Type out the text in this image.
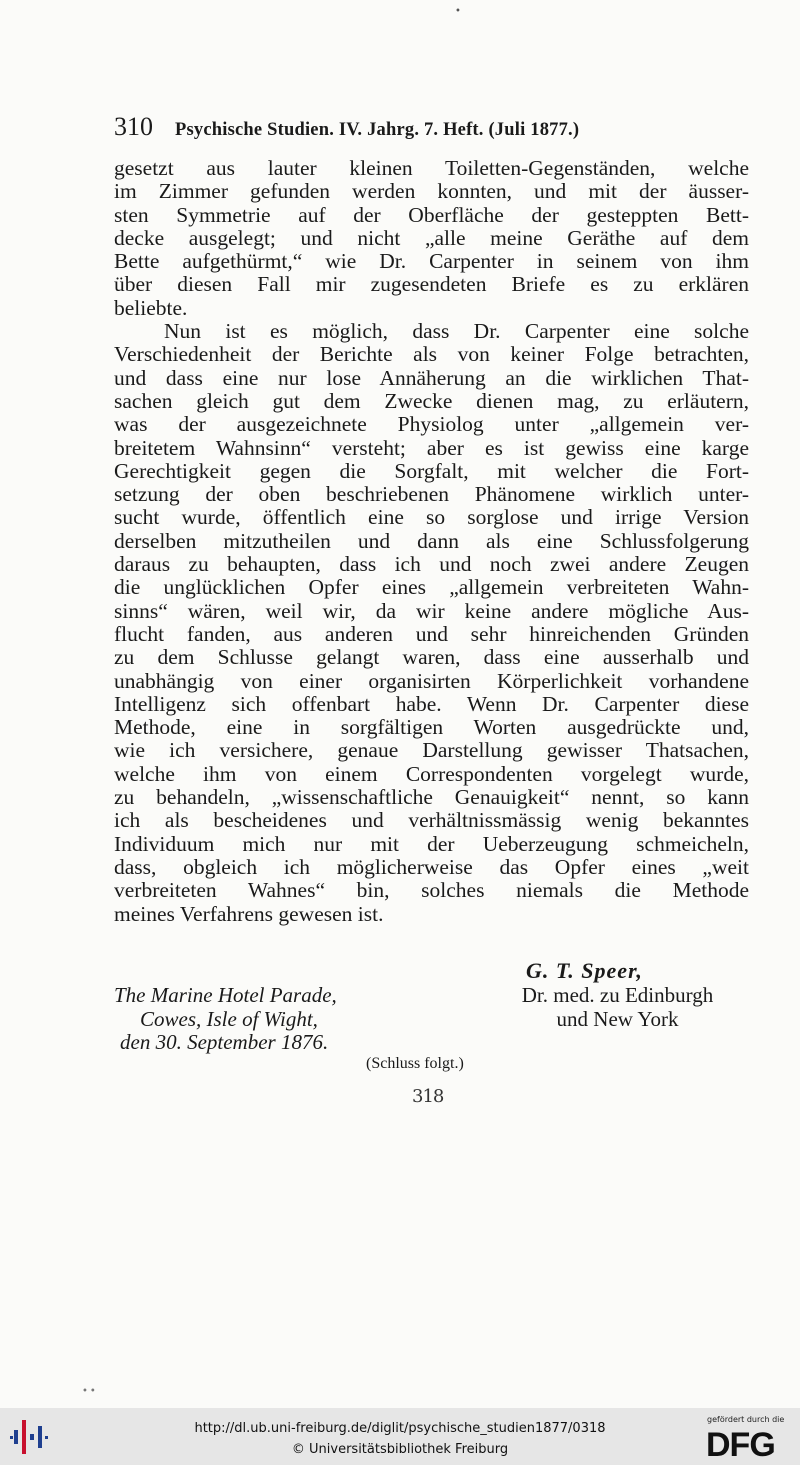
•
310 Psychische Studien. IV. Jahrg. 7. Heft. (Juli 1877.)
gesetzt aus lauter kleinen Toiletten-Gegenständen, welche
im Zimmer gefunden werden konnten, und mit der äusser-
sten Symmetrie auf der Oberfläche der gesteppten Bett-
decke ausgelegt; und nicht „alle meine Geräthe auf dem
Bette aufgethürmt,“ wie Dr. Carpenter in seinem von ihm
über diesen Fall mir zugesendeten Briefe es zu erklären
beliebte.
Nun ist es möglich, dass Dr. Carpenter eine solche
Verschiedenheit der Berichte als von keiner Folge betrachten,
und dass eine nur lose Annäherung an die wirklichen That-
sachen gleich gut dem Zwecke dienen mag, zu erläutern,
was der ausgezeichnete Physiolog unter „allgemein ver-
breitetem Wahnsinn“ versteht; aber es ist gewiss eine karge
Gerechtigkeit gegen die Sorgfalt, mit welcher die Fort-
setzung der oben beschriebenen Phänomene wirklich unter-
sucht wurde, öffentlich eine so sorglose und irrige Version
derselben mitzutheilen und dann als eine Schlussfolgerung
daraus zu behaupten, dass ich und noch zwei andere Zeugen
die unglücklichen Opfer eines „allgemein verbreiteten Wahn-
sinns“ wären, weil wir, da wir keine andere mögliche Aus-
flucht fanden, aus anderen und sehr hinreichenden Gründen
zu dem Schlusse gelangt waren, dass eine ausserhalb und
unabhängig von einer organisirten Körperlichkeit vorhandene
Intelligenz sich offenbart habe. Wenn Dr. Carpenter diese
Methode, eine in sorgfältigen Worten ausgedrückte und,
wie ich versichere, genaue Darstellung gewisser Thatsachen,
welche ihm von einem Correspondenten vorgelegt wurde,
zu behandeln, „wissenschaftliche Genauigkeit“ nennt, so kann
ich als bescheidenes und verhältnissmässig wenig bekanntes
Individuum mich nur mit der Ueberzeugung schmeicheln,
dass, obgleich ich möglicherweise das Opfer eines „weit
verbreiteten Wahnes“ bin, solches niemals die Methode
meines Verfahrens gewesen ist.
G. T. Speer,
The Marine Hotel Parade,
Cowes, Isle of Wight,
den 30. September 1876.
Dr. med. zu Edinburgh
und New York
(Schluss folgt.)
318
••
http://dl.ub.uni-freiburg.de/diglit/psychische_studien1877/0318
© Universitätsbibliothek Freiburg
gefördert durch die
DFG
